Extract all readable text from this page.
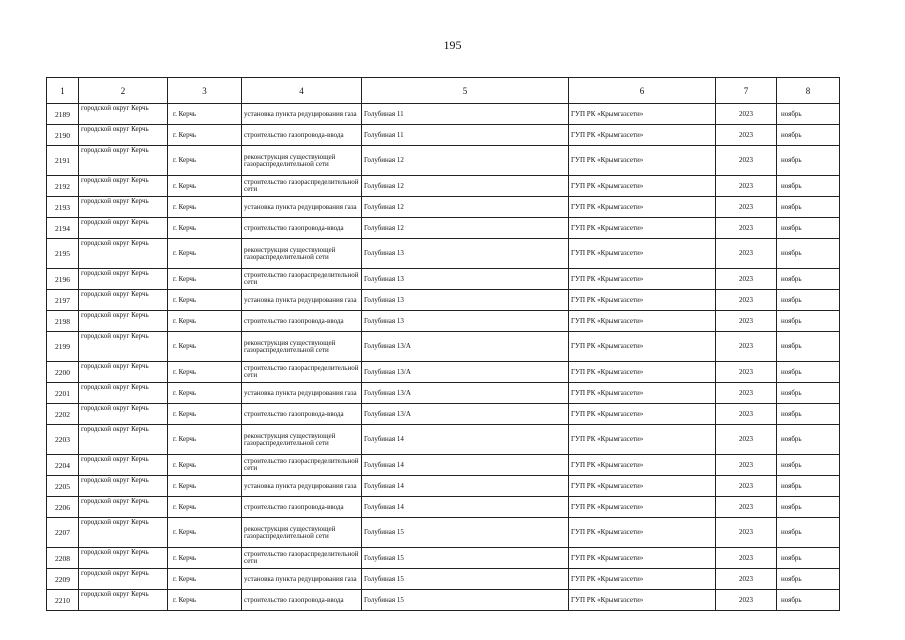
195
1	2	3	4	5	6	7	8
2189	городской округ Керчь	г. Керчь	установка пункта редуцирования газа	Голубиная 11	ГУП РК «Крымгазсети»	2023	ноябрь
2190	городской округ Керчь	г. Керчь	строительство газопровода-ввода	Голубиная 11	ГУП РК «Крымгазсети»	2023	ноябрь
2191	городской округ Керчь	г. Керчь	реконструкция существующей газораспределительной сети	Голубиная 12	ГУП РК «Крымгазсети»	2023	ноябрь
2192	городской округ Керчь	г. Керчь	строительство газораспределительной сети	Голубиная 12	ГУП РК «Крымгазсети»	2023	ноябрь
2193	городской округ Керчь	г. Керчь	установка пункта редуцирования газа	Голубиная 12	ГУП РК «Крымгазсети»	2023	ноябрь
2194	городской округ Керчь	г. Керчь	строительство газопровода-ввода	Голубиная 12	ГУП РК «Крымгазсети»	2023	ноябрь
2195	городской округ Керчь	г. Керчь	реконструкция существующей газораспределительной сети	Голубиная 13	ГУП РК «Крымгазсети»	2023	ноябрь
2196	городской округ Керчь	г. Керчь	строительство газораспределительной сети	Голубиная 13	ГУП РК «Крымгазсети»	2023	ноябрь
2197	городской округ Керчь	г. Керчь	установка пункта редуцирования газа	Голубиная 13	ГУП РК «Крымгазсети»	2023	ноябрь
2198	городской округ Керчь	г. Керчь	строительство газопровода-ввода	Голубиная 13	ГУП РК «Крымгазсети»	2023	ноябрь
2199	городской округ Керчь	г. Керчь	реконструкция существующей газораспределительной сети	Голубиная 13/А	ГУП РК «Крымгазсети»	2023	ноябрь
2200	городской округ Керчь	г. Керчь	строительство газораспределительной сети	Голубиная 13/А	ГУП РК «Крымгазсети»	2023	ноябрь
2201	городской округ Керчь	г. Керчь	установка пункта редуцирования газа	Голубиная 13/А	ГУП РК «Крымгазсети»	2023	ноябрь
2202	городской округ Керчь	г. Керчь	строительство газопровода-ввода	Голубиная 13/А	ГУП РК «Крымгазсети»	2023	ноябрь
2203	городской округ Керчь	г. Керчь	реконструкция существующей газораспределительной сети	Голубиная 14	ГУП РК «Крымгазсети»	2023	ноябрь
2204	городской округ Керчь	г. Керчь	строительство газораспределительной сети	Голубиная 14	ГУП РК «Крымгазсети»	2023	ноябрь
2205	городской округ Керчь	г. Керчь	установка пункта редуцирования газа	Голубиная 14	ГУП РК «Крымгазсети»	2023	ноябрь
2206	городской округ Керчь	г. Керчь	строительство газопровода-ввода	Голубиная 14	ГУП РК «Крымгазсети»	2023	ноябрь
2207	городской округ Керчь	г. Керчь	реконструкция существующей газораспределительной сети	Голубиная 15	ГУП РК «Крымгазсети»	2023	ноябрь
2208	городской округ Керчь	г. Керчь	строительство газораспределительной сети	Голубиная 15	ГУП РК «Крымгазсети»	2023	ноябрь
2209	городской округ Керчь	г. Керчь	установка пункта редуцирования газа	Голубиная 15	ГУП РК «Крымгазсети»	2023	ноябрь
2210	городской округ Керчь	г. Керчь	строительство газопровода-ввода	Голубиная 15	ГУП РК «Крымгазсети»	2023	ноябрь
